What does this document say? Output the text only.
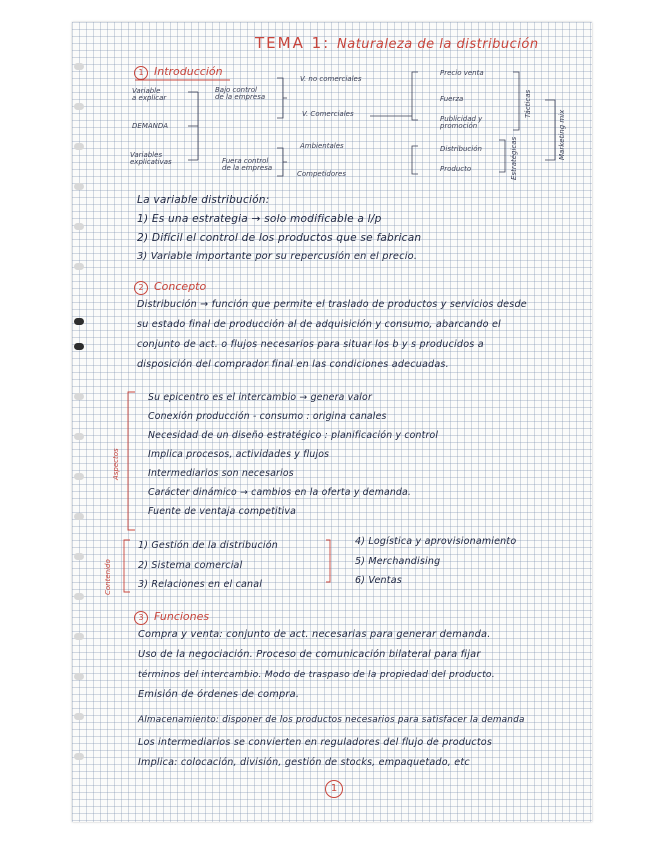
TEMA 1: Naturaleza de la distribución
1 Introducción
Variable
a explicar
DEMANDA
Variables
explicativas
Bajo control
de la empresa
Fuera control
de la empresa
V. no comerciales
V. Comerciales
Ambientales
Competidores
Precio venta
Fuerza
Publicidad y
promoción
Distribución
Producto
Tácticas
Estratégicas	Marketing mix
La variable distribución:
1) Es una estrategia → solo modificable a l/p
2) Difícil el control de los productos que se fabrican
3) Variable importante por su repercusión en el precio.
2 Concepto
Distribución → función que permite el traslado de productos y servicios desde
su estado final de producción al de adquisición y consumo, abarcando el
conjunto de act. o flujos necesarios para situar los b y s producidos a
disposición del comprador final en las condiciones adecuadas.
Aspectos
Su epicentro es el intercambio → genera valor
Conexión producción - consumo : origina canales
Necesidad de un diseño estratégico : planificación y control
Implica procesos, actividades y flujos
Intermediarios son necesarios
Carácter dinámico → cambios en la oferta y demanda.
Fuente de ventaja competitiva
Contenido
1) Gestión de la distribución
2) Sistema comercial
3) Relaciones en el canal
4) Logística y aprovisionamiento
5) Merchandising
6) Ventas
3 Funciones
Compra y venta: conjunto de act. necesarias para generar demanda.
Uso de la negociación. Proceso de comunicación bilateral para fijar
términos del intercambio. Modo de traspaso de la propiedad del producto.
Emisión de órdenes de compra.
Almacenamiento: disponer de los productos necesarios para satisfacer la demanda
Los intermediarios se convierten en reguladores del flujo de productos
Implica: colocación, división, gestión de stocks, empaquetado, etc
1
